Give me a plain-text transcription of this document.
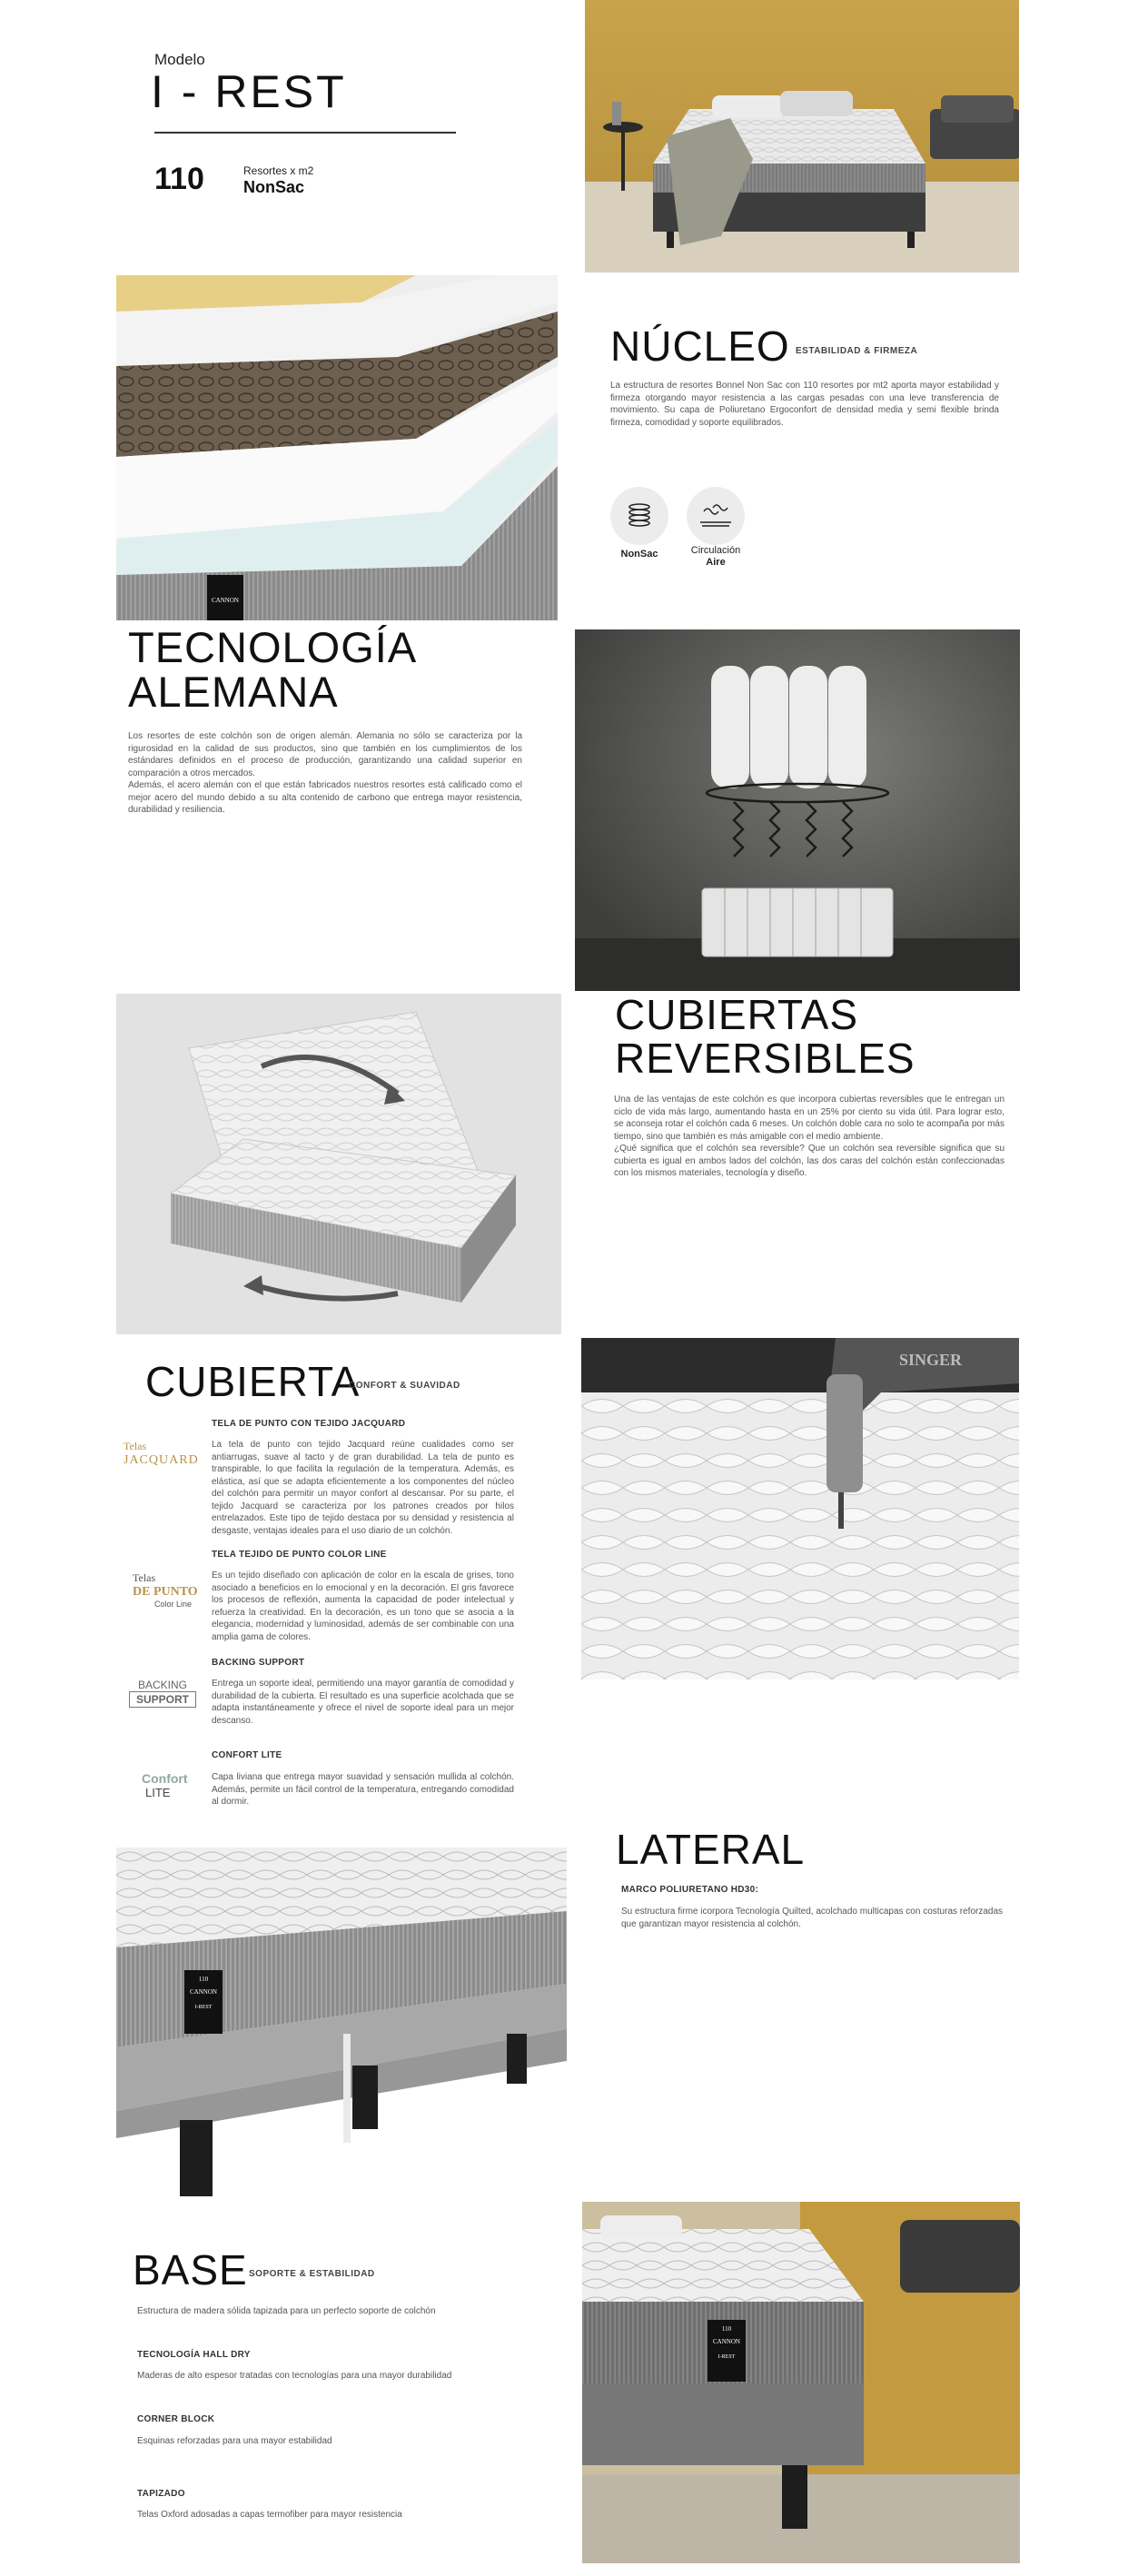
Modelo
I - REST
110	Resortes x m2
NonSac
CANNON
NÚCLEO ESTABILIDAD & FIRMEZA
La estructura de resortes Bonnel Non Sac con 110 resortes por mt2 aporta mayor estabilidad y firmeza otorgando mayor resistencia a las cargas pesadas con una leve transferencia de movimiento. Su capa de Poliuretano Ergoconfort de densidad media y semi flexible brinda firmeza, comodidad y soporte equilibrados.
NonSac	Circulación
Aire
TECNOLOGÍA
ALEMANA
Los resortes de este colchón son de origen alemán. Alemania no sólo se caracteriza por la rigurosidad en la calidad de sus productos, sino que también en los cumplimientos de los estándares definidos en el proceso de producción, garantizando una calidad superior en comparación a otros mercados.
Además, el acero alemán con el que están fabricados nuestros resortes está calificado como el mejor acero del mundo debido a su alta contenido de carbono que entrega mayor resistencia, durabilidad y resiliencia.
CUBIERTAS
REVERSIBLES
Una de las ventajas de este colchón es que incorpora cubiertas reversibles que le entregan un ciclo de vida más largo, aumentando hasta en un 25% por ciento su vida útil. Para lograr esto, se aconseja rotar el colchón cada 6 meses. Un colchón doble cara no solo te acompaña por más tiempo, sino que también es más amigable con el medio ambiente.
¿Qué significa que el colchón sea reversible? Que un colchón sea reversible significa que su cubierta es igual en ambos lados del colchón, las dos caras del colchón están confeccionadas con los mismos materiales, tecnología y diseño.
CUBIERTA
CONFORT & SUAVIDAD
Telas
JACQUARD
TELA DE PUNTO CON TEJIDO JACQUARD
La tela de punto con tejido Jacquard reúne cualidades como ser antiarrugas, suave al tacto y de gran durabilidad. La tela de punto es transpirable, lo que facilita la regulación de la temperatura. Además, es elástica, así que se adapta eficientemente a los componentes del núcleo del colchón para permitir un mayor confort al descansar. Por su parte, el tejido Jacquard se caracteriza por los patrones creados por hilos entrelazados. Este tipo de tejido destaca por su densidad y resistencia al desgaste, ventajas ideales para el uso diario de un colchón.
Telas
DE PUNTO
Color Line
TELA TEJIDO DE PUNTO COLOR LINE
Es un tejido diseñado con aplicación de color en la escala de grises, tono asociado a beneficios en lo emocional y en la decoración. El gris favorece los procesos de reflexión, aumenta la capacidad de poder intelectual y refuerza la creatividad. En la decoración, es un tono que se asocia a la elegancia, modernidad y luminosidad, además de ser combinable con una amplia gama de colores.
BACKING
SUPPORT
BACKING SUPPORT
Entrega un soporte ideal, permitiendo una mayor garantía de comodidad y durabilidad de la cubierta. El resultado es una superficie acolchada que se adapta instantáneamente y ofrece el nivel de soporte ideal para un mejor descanso.
Confort
LITE
CONFORT LITE
Capa liviana que entrega mayor suavidad y sensación mullida al colchón. Además, permite un fácil control de la temperatura, entregando comodidad al dormir.
SINGER
110
CANNON
I-REST
LATERAL
MARCO POLIURETANO HD30:
Su estructura firme icorpora Tecnología Quilted, acolchado multicapas con costuras reforzadas que garantizan mayor resistencia al colchón.
BASE SOPORTE & ESTABILIDAD
Estructura de madera sólida tapizada para un perfecto soporte de colchón
TECNOLOGÍA HALL DRY
Maderas de alto espesor tratadas con tecnologías para una mayor durabilidad
CORNER BLOCK
Esquinas reforzadas para una mayor estabilidad
TAPIZADO
Telas Oxford adosadas a capas termofiber para mayor resistencia
110
CANNON
I-REST
